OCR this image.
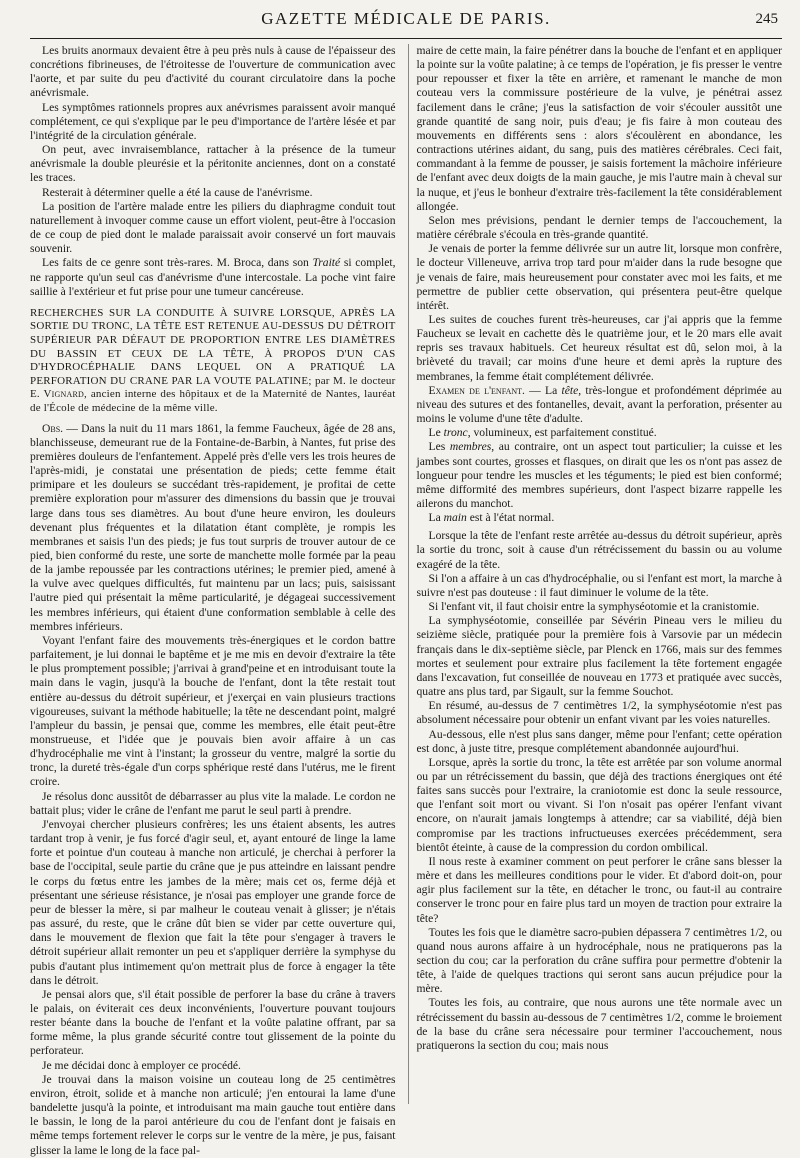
GAZETTE MÉDICALE DE PARIS.	245

Les bruits anormaux devaient être à peu près nuls à cause de l'épaisseur des concrétions fibrineuses, de l'étroitesse de l'ouverture de communication avec l'aorte, et par suite du peu d'activité du courant circulatoire dans la poche anévrismale.

Les symptômes rationnels propres aux anévrismes paraissent avoir manqué complétement, ce qui s'explique par le peu d'importance de l'artère lésée et par l'intégrité de la circulation générale.

On peut, avec invraisemblance, rattacher à la présence de la tumeur anévrismale la double pleurésie et la péritonite anciennes, dont on a constaté les traces.

Resterait à déterminer quelle a été la cause de l'anévrisme.

La position de l'artère malade entre les piliers du diaphragme conduit tout naturellement à invoquer comme cause un effort violent, peut-être à l'occasion de ce coup de pied dont le malade paraissait avoir conservé un fort mauvais souvenir.

Les faits de ce genre sont très-rares. M. Broca, dans son Traité si complet, ne rapporte qu'un seul cas d'anévrisme d'une intercostale. La poche vint faire saillie à l'extérieur et fut prise pour une tumeur cancéreuse.

RECHERCHES SUR LA CONDUITE À SUIVRE LORSQUE, APRÈS LA SORTIE DU TRONC, LA TÊTE EST RETENUE AU-DESSUS DU DÉTROIT SUPÉRIEUR PAR DÉFAUT DE PROPORTION ENTRE LES DIAMÈTRES DU BASSIN ET CEUX DE LA TÊTE, À PROPOS D'UN CAS D'HYDROCÉPHALIE DANS LEQUEL ON A PRATIQUÉ LA PERFORATION DU CRANE PAR LA VOUTE PALATINE; par M. le docteur E. Vignard, ancien interne des hôpitaux et de la Maternité de Nantes, lauréat de l'École de médecine de la même ville.

Obs. — Dans la nuit du 11 mars 1861, la femme Faucheux, âgée de 28 ans, blanchisseuse, demeurant rue de la Fontaine-de-Barbin, à Nantes, fut prise des premières douleurs de l'enfantement. Appelé près d'elle vers les trois heures de l'après-midi, je constatai une présentation de pieds; cette femme était primipare et les douleurs se succédant très-rapidement, je profitai de cette première exploration pour m'assurer des dimensions du bassin que je trouvai large dans tous ses diamètres. Au bout d'une heure environ, les douleurs devenant plus fréquentes et la dilatation étant complète, je rompis les membranes et saisis l'un des pieds; je fus tout surpris de trouver autour de ce pied, bien conformé du reste, une sorte de manchette molle formée par la peau de la jambe repoussée par les contractions utérines; le premier pied, amené à la vulve avec quelques difficultés, fut maintenu par un lacs; puis, saisissant l'autre pied qui présentait la même particularité, je dégageai successivement les membres inférieurs, qui étaient d'une conformation semblable à celle des membres inférieurs.

Voyant l'enfant faire des mouvements très-énergiques et le cordon battre parfaitement, je lui donnai le baptême et je me mis en devoir d'extraire la tête le plus promptement possible; j'arrivai à grand'peine et en introduisant toute la main dans le vagin, jusqu'à la bouche de l'enfant, dont la tête restait tout entière au-dessus du détroit supérieur, et j'exerçai en vain plusieurs tractions vigoureuses, suivant la méthode habituelle; la tête ne descendant point, malgré l'ampleur du bassin, je pensai que, comme les membres, elle était peut-être monstrueuse, et l'idée que je pouvais bien avoir affaire à un cas d'hydrocéphalie me vint à l'instant; la grosseur du ventre, malgré la sortie du tronc, la dureté très-égale d'un corps sphérique resté dans l'utérus, me le firent croire.

Je résolus donc aussitôt de débarrasser au plus vite la malade. Le cordon ne battait plus; vider le crâne de l'enfant me parut le seul parti à prendre.

J'envoyai chercher plusieurs confrères; les uns étaient absents, les autres tardant trop à venir, je fus forcé d'agir seul, et, ayant entouré de linge la lame forte et pointue d'un couteau à manche non articulé, je cherchai à perforer la base de l'occipital, seule partie du crâne que je pus atteindre en laissant pendre le corps du fœtus entre les jambes de la mère; mais cet os, ferme déjà et présentant une sérieuse résistance, je n'osai pas employer une grande force de peur de blesser la mère, si par malheur le couteau venait à glisser; je n'étais pas assuré, du reste, que le crâne dût bien se vider par cette ouverture qui, dans le mouvement de flexion que fait la tête pour s'engager à travers le détroit supérieur allait remonter un peu et s'appliquer derrière la symphyse du pubis d'autant plus intimement qu'on mettrait plus de force à engager la tête dans le détroit.

Je pensai alors que, s'il était possible de perforer la base du crâne à travers le palais, on éviterait ces deux inconvénients, l'ouverture pouvant toujours rester béante dans la bouche de l'enfant et la voûte palatine offrant, par sa forme même, la plus grande sécurité contre tout glissement de la pointe du perforateur.

Je me décidai donc à employer ce procédé.

Je trouvai dans la maison voisine un couteau long de 25 centimètres environ, étroit, solide et à manche non articulé; j'en entourai la lame d'une bandelette jusqu'à la pointe, et introduisant ma main gauche tout entière dans le bassin, le long de la paroi antérieure du cou de l'enfant dont je faisais en même temps fortement relever le corps sur le ventre de la mère, je pus, faisant glisser la lame le long de la face pal-

maire de cette main, la faire pénétrer dans la bouche de l'enfant et en appliquer la pointe sur la voûte palatine; à ce temps de l'opération, je fis presser le ventre pour repousser et fixer la tête en arrière, et ramenant le manche de mon couteau vers la commissure postérieure de la vulve, je pénétrai assez facilement dans le crâne; j'eus la satisfaction de voir s'écouler aussitôt une grande quantité de sang noir, puis d'eau; je fis faire à mon couteau des mouvements en différents sens : alors s'écoulèrent en abondance, les contractions utérines aidant, du sang, puis des matières cérébrales. Ceci fait, commandant à la femme de pousser, je saisis fortement la mâchoire inférieure de l'enfant avec deux doigts de la main gauche, je mis l'autre main à cheval sur la nuque, et j'eus le bonheur d'extraire très-facilement la tête considérablement allongée.

Selon mes prévisions, pendant le dernier temps de l'accouchement, la matière cérébrale s'écoula en très-grande quantité.

Je venais de porter la femme délivrée sur un autre lit, lorsque mon confrère, le docteur Villeneuve, arriva trop tard pour m'aider dans la rude besogne que je venais de faire, mais heureusement pour constater avec moi les faits, et me permettre de publier cette observation, qui présentera peut-être quelque intérêt.

Les suites de couches furent très-heureuses, car j'ai appris que la femme Faucheux se levait en cachette dès le quatrième jour, et le 20 mars elle avait repris ses travaux habituels. Cet heureux résultat est dû, selon moi, à la brièveté du travail; car moins d'une heure et demi après la rupture des membranes, la femme était complétement délivrée.

Examen de l'enfant. — La tête, très-longue et profondément déprimée au niveau des sutures et des fontanelles, devait, avant la perforation, présenter au moins le volume d'une tête d'adulte.

Le tronc, volumineux, est parfaitement constitué.

Les membres, au contraire, ont un aspect tout particulier; la cuisse et les jambes sont courtes, grosses et flasques, on dirait que les os n'ont pas assez de longueur pour tendre les muscles et les téguments; le pied est bien conformé; même difformité des membres supérieurs, dont l'aspect bizarre rappelle les ailerons du manchot.

La main est à l'état normal.

Lorsque la tête de l'enfant reste arrêtée au-dessus du détroit supérieur, après la sortie du tronc, soit à cause d'un rétrécissement du bassin ou au volume exagéré de la tête.

Si l'on a affaire à un cas d'hydrocéphalie, ou si l'enfant est mort, la marche à suivre n'est pas douteuse : il faut diminuer le volume de la tête.

Si l'enfant vit, il faut choisir entre la symphyséotomie et la cranistomie.

La symphyséotomie, conseillée par Sévérin Pineau vers le milieu du seizième siècle, pratiquée pour la première fois à Varsovie par un médecin français dans le dix-septième siècle, par Plenck en 1766, mais sur des femmes mortes et seulement pour extraire plus facilement la tête fortement engagée dans l'excavation, fut conseillée de nouveau en 1773 et pratiquée avec succès, quatre ans plus tard, par Sigault, sur la femme Souchot.

En résumé, au-dessus de 7 centimètres 1/2, la symphyséotomie n'est pas absolument nécessaire pour obtenir un enfant vivant par les voies naturelles.

Au-dessous, elle n'est plus sans danger, même pour l'enfant; cette opération est donc, à juste titre, presque complétement abandonnée aujourd'hui.

Lorsque, après la sortie du tronc, la tête est arrêtée par son volume anormal ou par un rétrécissement du bassin, que déjà des tractions énergiques ont été faites sans succès pour l'extraire, la craniotomie est donc la seule ressource, que l'enfant soit mort ou vivant. Si l'on n'osait pas opérer l'enfant vivant encore, on n'aurait jamais longtemps à attendre; car sa viabilité, déjà bien compromise par les tractions infructueuses exercées précédemment, sera bientôt éteinte, à cause de la compression du cordon ombilical.

Il nous reste à examiner comment on peut perforer le crâne sans blesser la mère et dans les meilleures conditions pour le vider. Et d'abord doit-on, pour agir plus facilement sur la tête, en détacher le tronc, ou faut-il au contraire conserver le tronc pour en faire plus tard un moyen de traction pour extraire la tête?

Toutes les fois que le diamètre sacro-pubien dépassera 7 centimètres 1/2, ou quand nous aurons affaire à un hydrocéphale, nous ne pratiquerons pas la section du cou; car la perforation du crâne suffira pour permettre d'obtenir la tête, à l'aide de quelques tractions qui seront sans aucun préjudice pour la mère.

Toutes les fois, au contraire, que nous aurons une tête normale avec un rétrécissement du bassin au-dessous de 7 centimètres 1/2, comme le broiement de la base du crâne sera nécessaire pour terminer l'accouchement, nous pratiquerons la section du cou; mais nous
